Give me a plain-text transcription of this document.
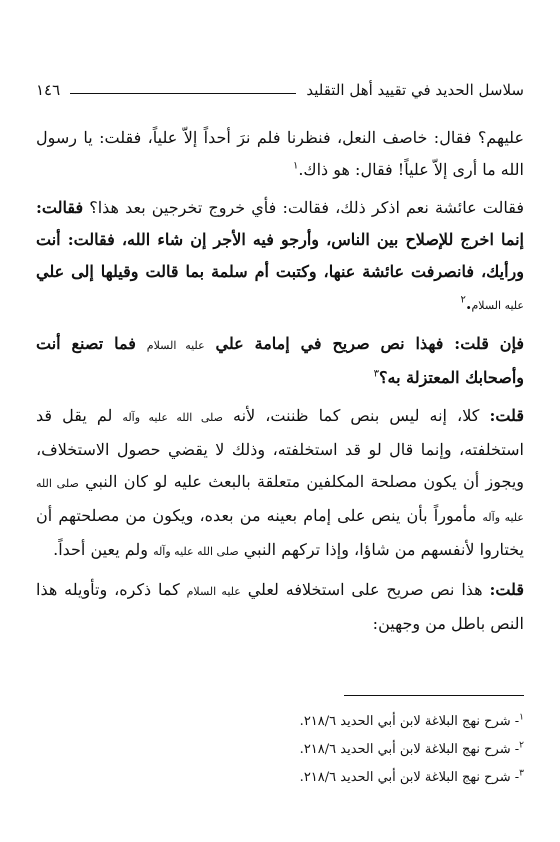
سلاسل الحديد في تقييد أهل التقليد
١٤٦

عليهم؟ فقال: خاصف النعل، فنظرنا فلم نرَ أحداً إلاّ علياً، فقلت: يا رسول الله ما أرى إلاّ علياً! فقال: هو ذاك.$^١$

فقالت عائشة نعم اذكر ذلك، فقالت: فأي خروج تخرجين بعد هذا؟ فقالت: إنما اخرج للإصلاح بين الناس، وأرجو فيه الأجر إن شاء الله، فقالت: أنت ورأيك، فانصرفت عائشة عنها، وكتبت أم سلمة بما قالت وقيلها إلى علي عليه السلام.$^٢$

فإن قلت: فهذا نص صريح في إمامة علي عليه السلام فما تصنع أنت وأصحابك المعتزلة به؟$^٣$

قلت: كلا، إنه ليس بنص كما ظننت، لأنه صلى الله عليه وآله لم يقل قد استخلفته، وإنما قال لو قد استخلفته، وذلك لا يقضي حصول الاستخلاف، ويجوز أن يكون مصلحة المكلفين متعلقة بالبعث عليه لو كان النبي صلى الله عليه وآله مأموراً بأن ينص على إمام بعينه من بعده، ويكون من مصلحتهم أن يختاروا لأنفسهم من شاؤا، وإذا تركهم النبي صلى الله عليه وآله ولم يعين أحداً.

قلت: هذا نص صريح على استخلافه لعلي عليه السلام كما ذكره، وتأويله هذا النص باطل من وجهين:

$^١$- شرح نهج البلاغة لابن أبي الحديد ٢١٨/٦.
$^٢$- شرح نهج البلاغة لابن أبي الحديد ٢١٨/٦.
$^٣$- شرح نهج البلاغة لابن أبي الحديد ٢١٨/٦.
